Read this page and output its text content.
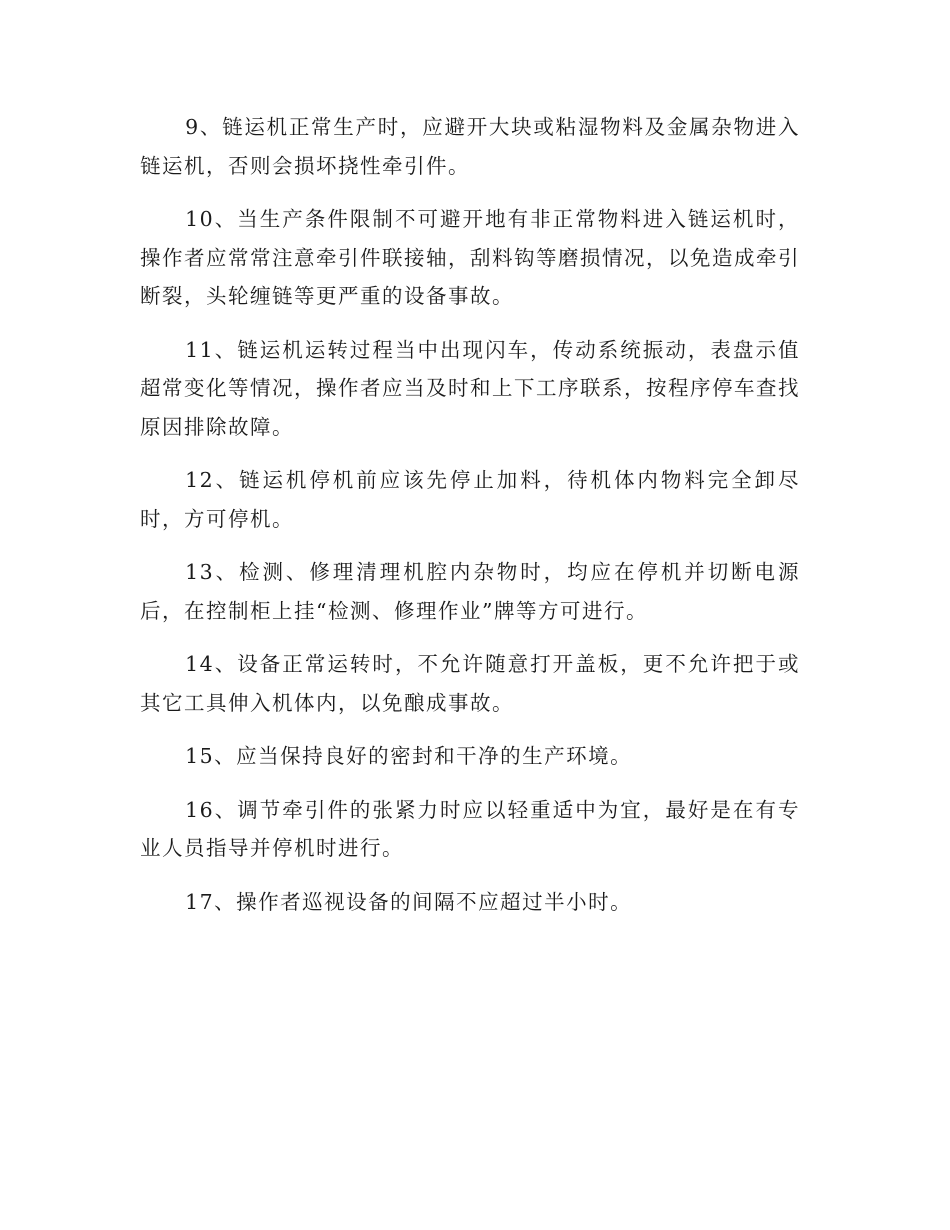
9、链运机正常生产时，应避开大块或粘湿物料及金属杂物进入链运机，否则会损坏挠性牵引件。

10、当生产条件限制不可避开地有非正常物料进入链运机时，操作者应常常注意牵引件联接轴，刮料钩等磨损情况，以免造成牵引断裂，头轮缠链等更严重的设备事故。

11、链运机运转过程当中出现闪车，传动系统振动，表盘示值超常变化等情况，操作者应当及时和上下工序联系，按程序停车查找原因排除故障。

12、链运机停机前应该先停止加料，待机体内物料完全卸尽时，方可停机。

13、检测、修理清理机腔内杂物时，均应在停机并切断电源后，在控制柜上挂“检测、修理作业”牌等方可进行。

14、设备正常运转时，不允许随意打开盖板，更不允许把于或其它工具伸入机体内，以免酿成事故。

15、应当保持良好的密封和干净的生产环境。

16、调节牵引件的张紧力时应以轻重适中为宜，最好是在有专业人员指导并停机时进行。

17、操作者巡视设备的间隔不应超过半小时。
